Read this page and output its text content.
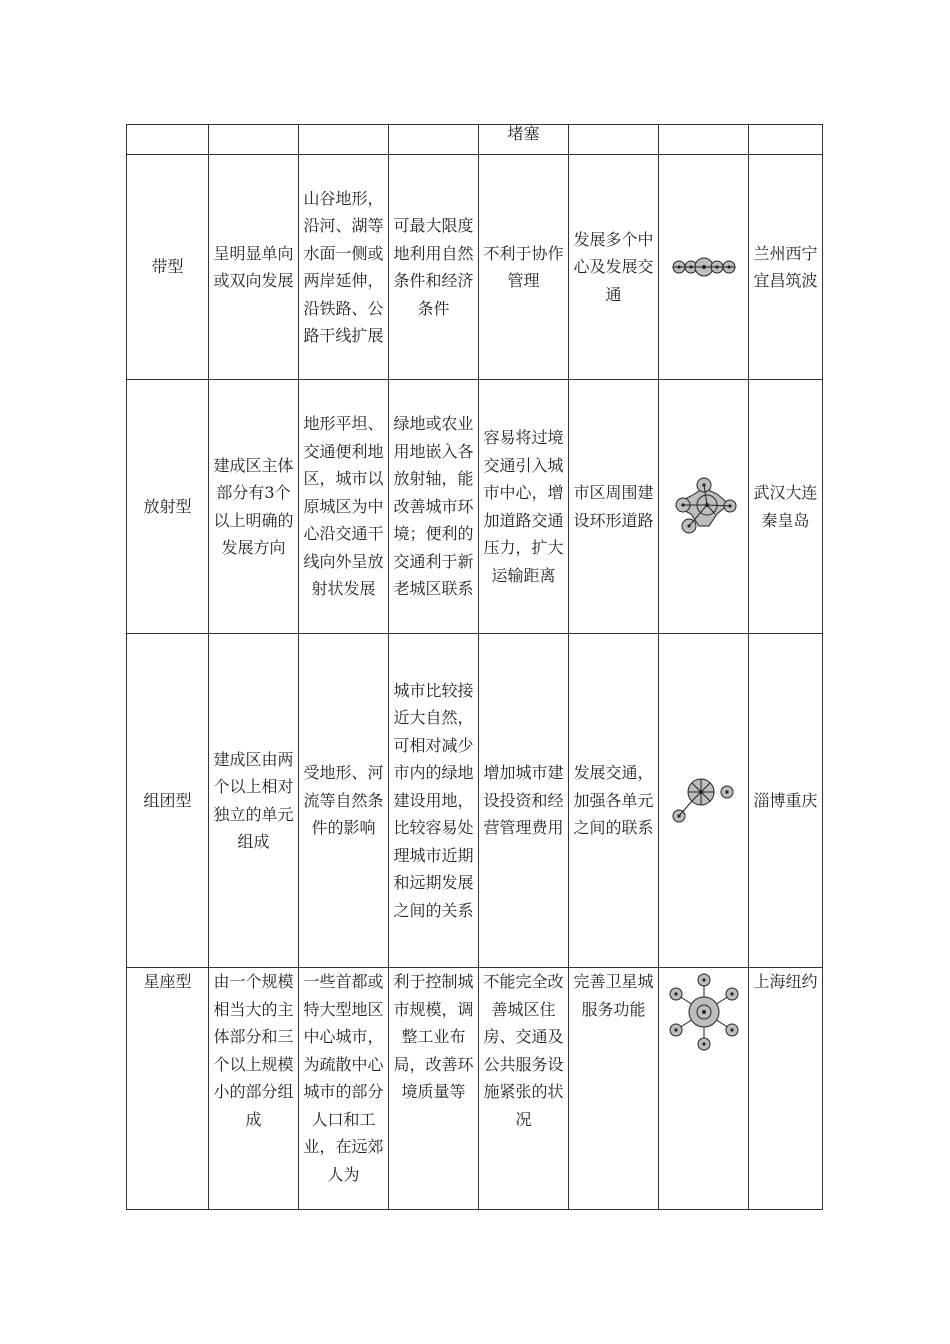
				堵塞			
带型	呈明显单向或双向发展	山谷地形，沿河、湖等水面一侧或两岸延伸，沿铁路、公路干线扩展	可最大限度地利用自然条件和经济条件	不利于协作管理	发展多个中心及发展交通		兰州西宁宜昌筑波
放射型	建成区主体部分有3个以上明确的发展方向	地形平坦、交通便利地区，城市以原城区为中心沿交通干线向外呈放射状发展	绿地或农业用地嵌入各放射轴，能改善城市环境；便利的交通利于新老城区联系	容易将过境交通引入城市中心，增加道路交通压力，扩大运输距离	市区周围建设环形道路		武汉大连秦皇岛
组团型	建成区由两个以上相对独立的单元组成	受地形、河流等自然条件的影响	城市比较接近大自然，可相对减少市内的绿地建设用地，比较容易处理城市近期和远期发展之间的关系	增加城市建设投资和经营管理费用	发展交通，加强各单元之间的联系		淄博重庆
星座型	由一个规模相当大的主体部分和三个以上规模小的部分组成	一些首都或特大型地区中心城市，为疏散中心城市的部分人口和工业，在远郊人为	利于控制城市规模，调整工业布局，改善环境质量等	不能完全改善城区住房、交通及公共服务设施紧张的状况	完善卫星城服务功能		上海纽约
